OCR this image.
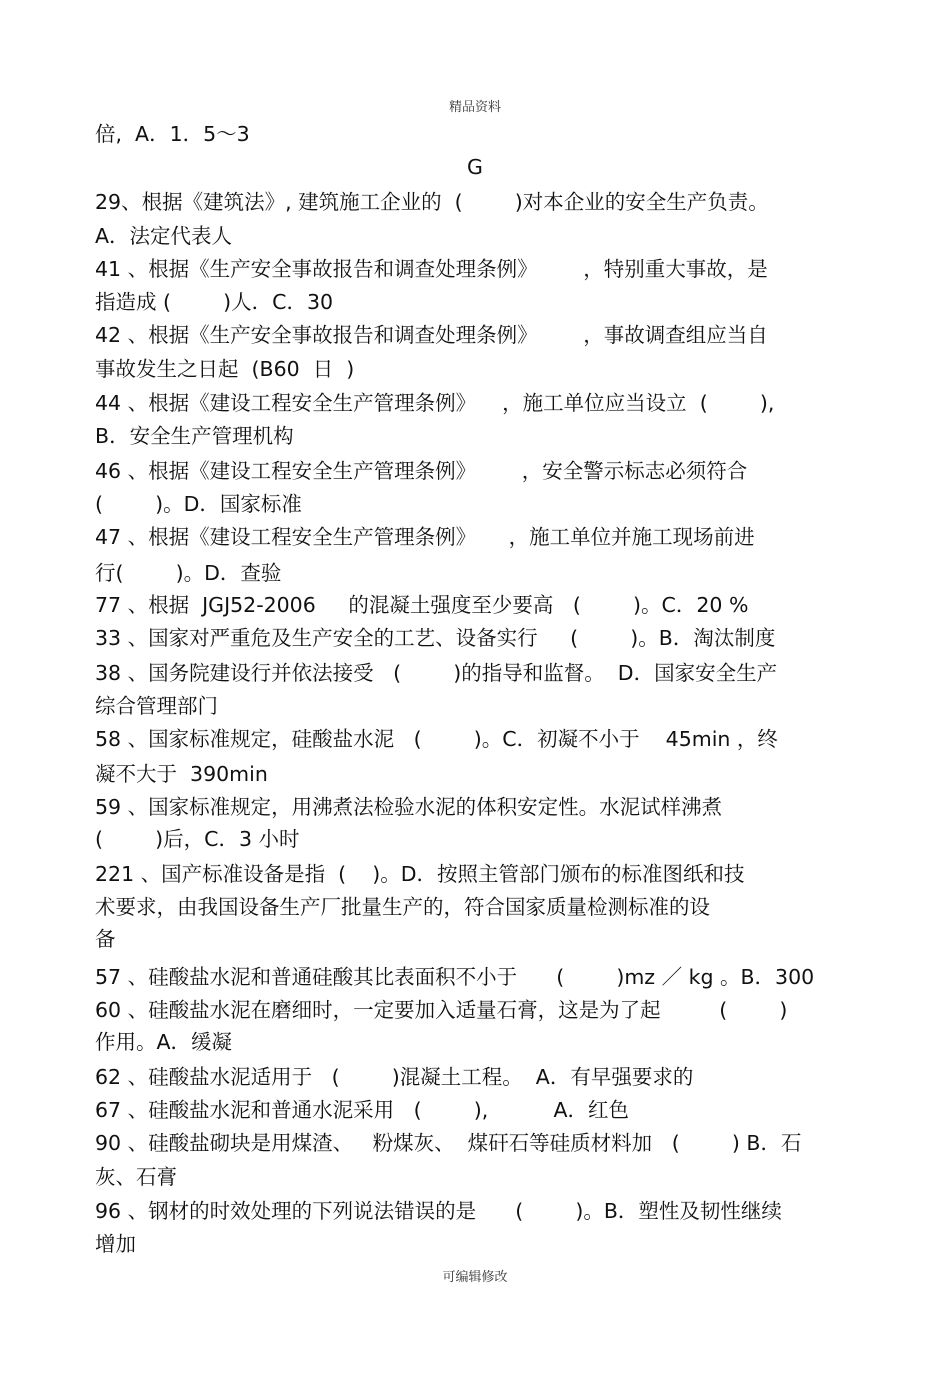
精品资料
倍,  A．1．5～3
G
29、根据《建筑法》, 建筑施工企业的  (        )对本企业的安全生产负责。
A．法定代表人
41 、根据《生产安全事故报告和调查处理条例》       ，特别重大事故，是
指造成 (        )人．C．30
42 、根据《生产安全事故报告和调查处理条例》       ，事故调查组应当自
事故发生之日起  (B60  日  )
44 、根据《建设工程安全生产管理条例》    ，施工单位应当设立  (        ),
B．安全生产管理机构
46 、根据《建设工程安全生产管理条例》       ，安全警示标志必须符合
(        )。D．国家标准
47 、根据《建设工程安全生产管理条例》     ，施工单位并施工现场前进
行(        )。D．查验
77 、根据  JGJ52-2006     的混凝土强度至少要高   (        )。C．20 %
33 、国家对严重危及生产安全的工艺、设备实行     (        )。B．淘汰制度
38 、国务院建设行并依法接受   (        )的指导和监督。  D．国家安全生产
综合管理部门
58 、国家标准规定，硅酸盐水泥   (        )。C．初凝不小于    45min ，终
凝不大于  390min
59 、国家标准规定，用沸煮法检验水泥的体积安定性。水泥试样沸煮
(        )后，C．3 小时
221 、国产标准设备是指  (    )。D．按照主管部门颁布的标准图纸和技
术要求，由我国设备生产厂批量生产的，符合国家质量检测标准的设
备
57 、硅酸盐水泥和普通硅酸其比表面积不小于      (        )mz ／ kg 。B．300
60 、硅酸盐水泥在磨细时，一定要加入适量石膏，这是为了起         (        )
作用。A．缓凝
62 、硅酸盐水泥适用于   (        )混凝土工程。  A．有早强要求的
67 、硅酸盐水泥和普通水泥采用   (        ),          A．红色
90 、硅酸盐砌块是用煤渣、   粉煤灰、  煤矸石等硅质材料加   (        ) B．石
灰、石膏
96 、钢材的时效处理的下列说法错误的是      (        )。B．塑性及韧性继续
增加
可编辑修改
